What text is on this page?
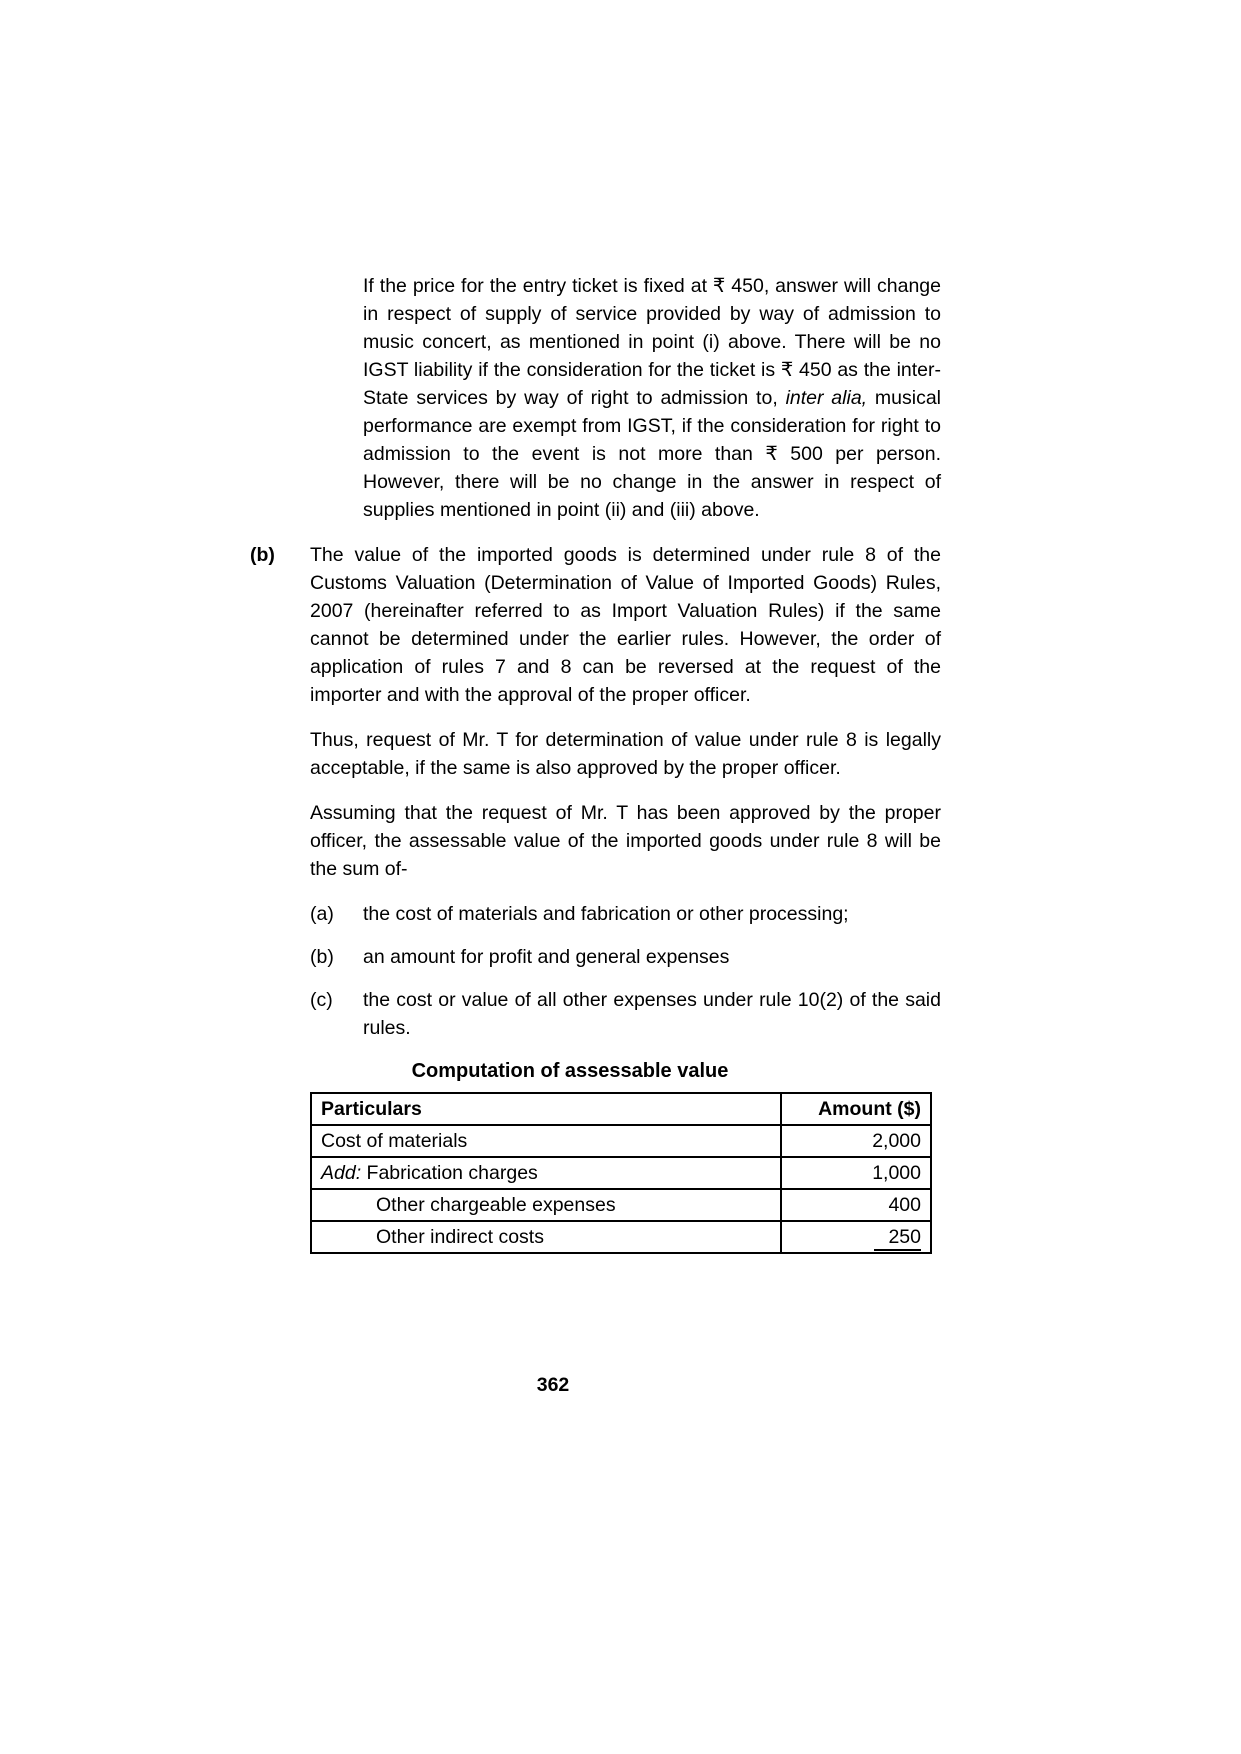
If the price for the entry ticket is fixed at ₹ 450, answer will change in respect of supply of service provided by way of admission to music concert, as mentioned in point (i) above. There will be no IGST liability if the consideration for the ticket is ₹ 450 as the inter-State services by way of right to admission to, inter alia, musical performance are exempt from IGST, if the consideration for right to admission to the event is not more than ₹ 500 per person. However, there will be no change in the answer in respect of supplies mentioned in point (ii) and (iii) above.

(b)	The value of the imported goods is determined under rule 8 of the Customs Valuation (Determination of Value of Imported Goods) Rules, 2007 (hereinafter referred to as Import Valuation Rules) if the same cannot be determined under the earlier rules. However, the order of application of rules 7 and 8 can be reversed at the request of the importer and with the approval of the proper officer.

Thus, request of Mr. T for determination of value under rule 8 is legally acceptable, if the same is also approved by the proper officer.

Assuming that the request of Mr. T has been approved by the proper officer, the assessable value of the imported goods under rule 8 will be the sum of-

(a)	the cost of materials and fabrication or other processing;
(b)	an amount for profit and general expenses
(c)	the cost or value of all other expenses under rule 10(2) of the said rules.
Computation of assessable value
Particulars	Amount ($)
Cost of materials	2,000
Add: Fabrication charges	1,000
Other chargeable expenses	400
Other indirect costs	250
362
